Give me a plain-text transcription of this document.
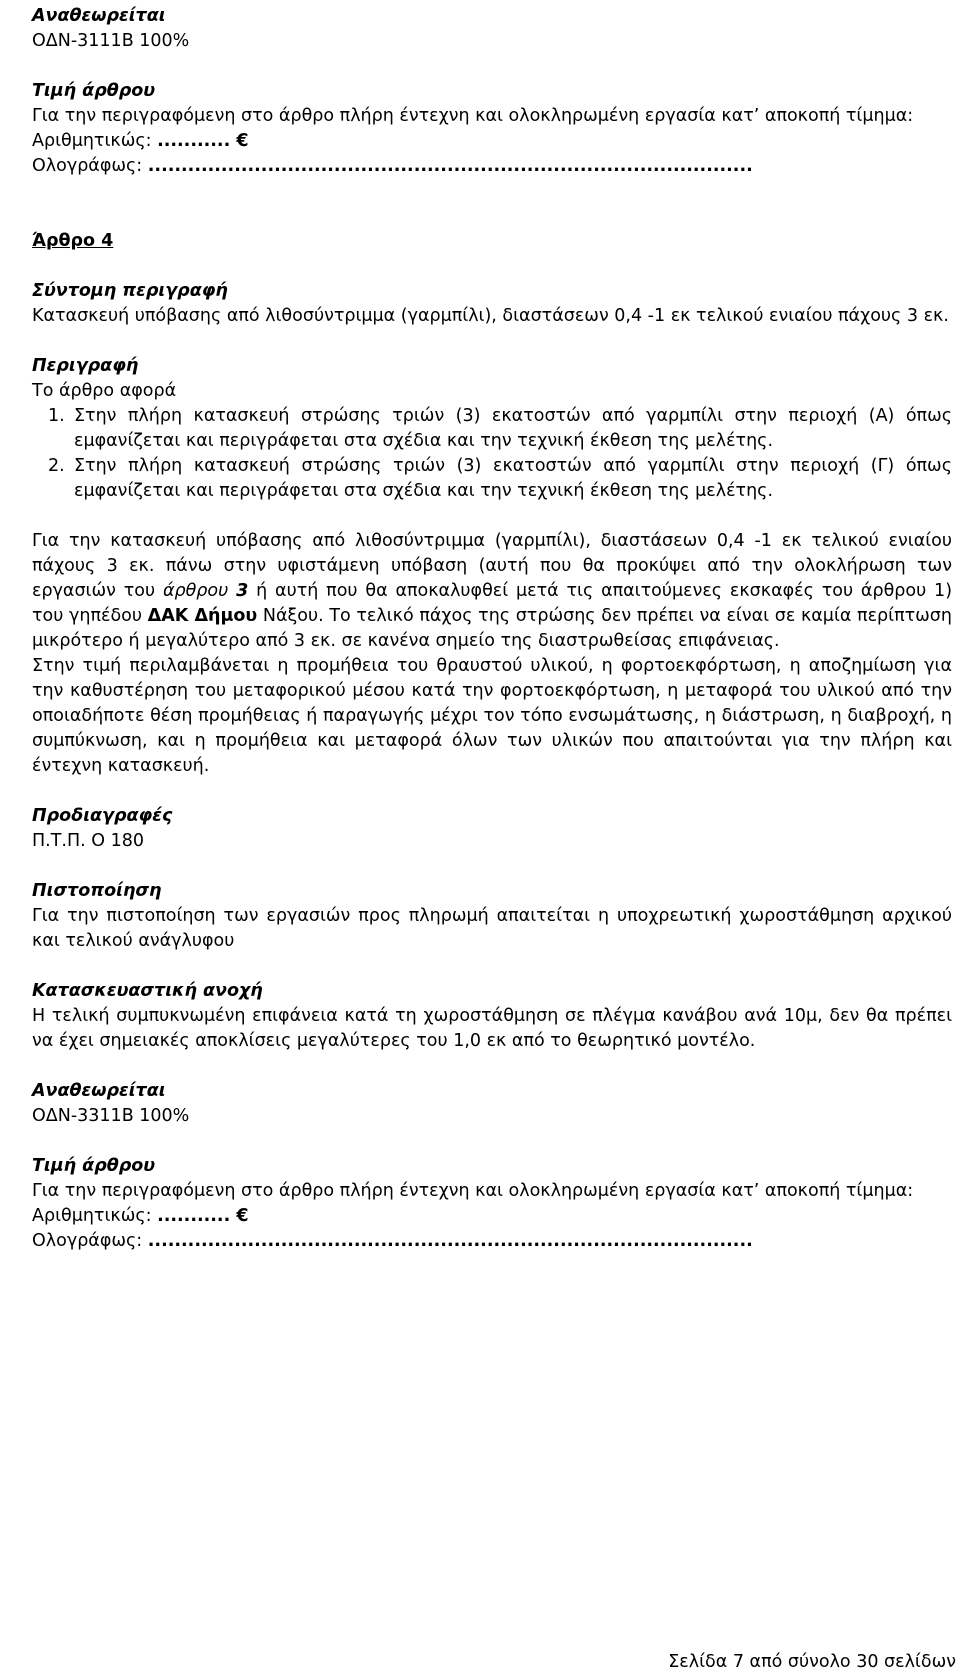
Αναθεωρείται

ΟΔΝ-3111Β 100%

Τιμή άρθρου

Για την περιγραφόμενη στο άρθρο πλήρη έντεχνη και ολοκληρωμένη εργασία κατ’ αποκοπή τίμημα:

Αριθμητικώς: ........... €

Ολογράφως: ...........................................................................................

Άρθρο 4
Σύντομη περιγραφή

Κατασκευή υπόβασης από λιθοσύντριμμα (γαρμπίλι), διαστάσεων 0,4 -1 εκ τελικού ενιαίου πάχους 3 εκ.

Περιγραφή

Το άρθρο αφορά

1. Στην πλήρη κατασκευή στρώσης τριών (3) εκατοστών από γαρμπίλι στην περιοχή (Α) όπως εμφανίζεται και περιγράφεται στα σχέδια και την τεχνική έκθεση της μελέτης.
2. Στην πλήρη κατασκευή στρώσης τριών (3) εκατοστών από γαρμπίλι στην περιοχή (Γ) όπως εμφανίζεται και περιγράφεται στα σχέδια και την τεχνική έκθεση της μελέτης.

Για την κατασκευή υπόβασης από λιθοσύντριμμα (γαρμπίλι), διαστάσεων 0,4 -1 εκ τελικού ενιαίου πάχους 3 εκ. πάνω στην υφιστάμενη υπόβαση (αυτή που θα προκύψει από την ολοκλήρωση των εργασιών του άρθρου 3 ή αυτή που θα αποκαλυφθεί μετά τις απαιτούμενες εκσκαφές του άρθρου 1) του γηπέδου ΔΑΚ Δήμου Νάξου. Το τελικό πάχος της στρώσης δεν πρέπει να είναι σε καμία περίπτωση μικρότερο ή μεγαλύτερο από 3 εκ. σε κανένα σημείο της διαστρωθείσας επιφάνειας.

Στην τιμή περιλαμβάνεται η προμήθεια του θραυστού υλικού, η φορτοεκφόρτωση, η αποζημίωση για την καθυστέρηση του μεταφορικού μέσου κατά την φορτοεκφόρτωση, η μεταφορά του υλικού από την οποιαδήποτε θέση προμήθειας ή παραγωγής μέχρι τον τόπο ενσωμάτωσης, η διάστρωση, η διαβροχή, η συμπύκνωση, και η προμήθεια και μεταφορά όλων των υλικών που απαιτούνται για την πλήρη και έντεχνη κατασκευή.

Προδιαγραφές

Π.Τ.Π. Ο 180

Πιστοποίηση

Για την πιστοποίηση των εργασιών προς πληρωμή απαιτείται η υποχρεωτική χωροστάθμηση αρχικού και τελικού ανάγλυφου

Κατασκευαστική ανοχή

Η τελική συμπυκνωμένη επιφάνεια κατά τη χωροστάθμηση σε πλέγμα κανάβου ανά 10μ, δεν θα πρέπει να έχει σημειακές αποκλίσεις μεγαλύτερες του 1,0 εκ από το θεωρητικό μοντέλο.

Αναθεωρείται

ΟΔΝ-3311Β 100%

Τιμή άρθρου

Για την περιγραφόμενη στο άρθρο πλήρη έντεχνη και ολοκληρωμένη εργασία κατ’ αποκοπή τίμημα:

Αριθμητικώς: ........... €

Ολογράφως: ...........................................................................................

Σελίδα 7 από σύνολο 30 σελίδων
